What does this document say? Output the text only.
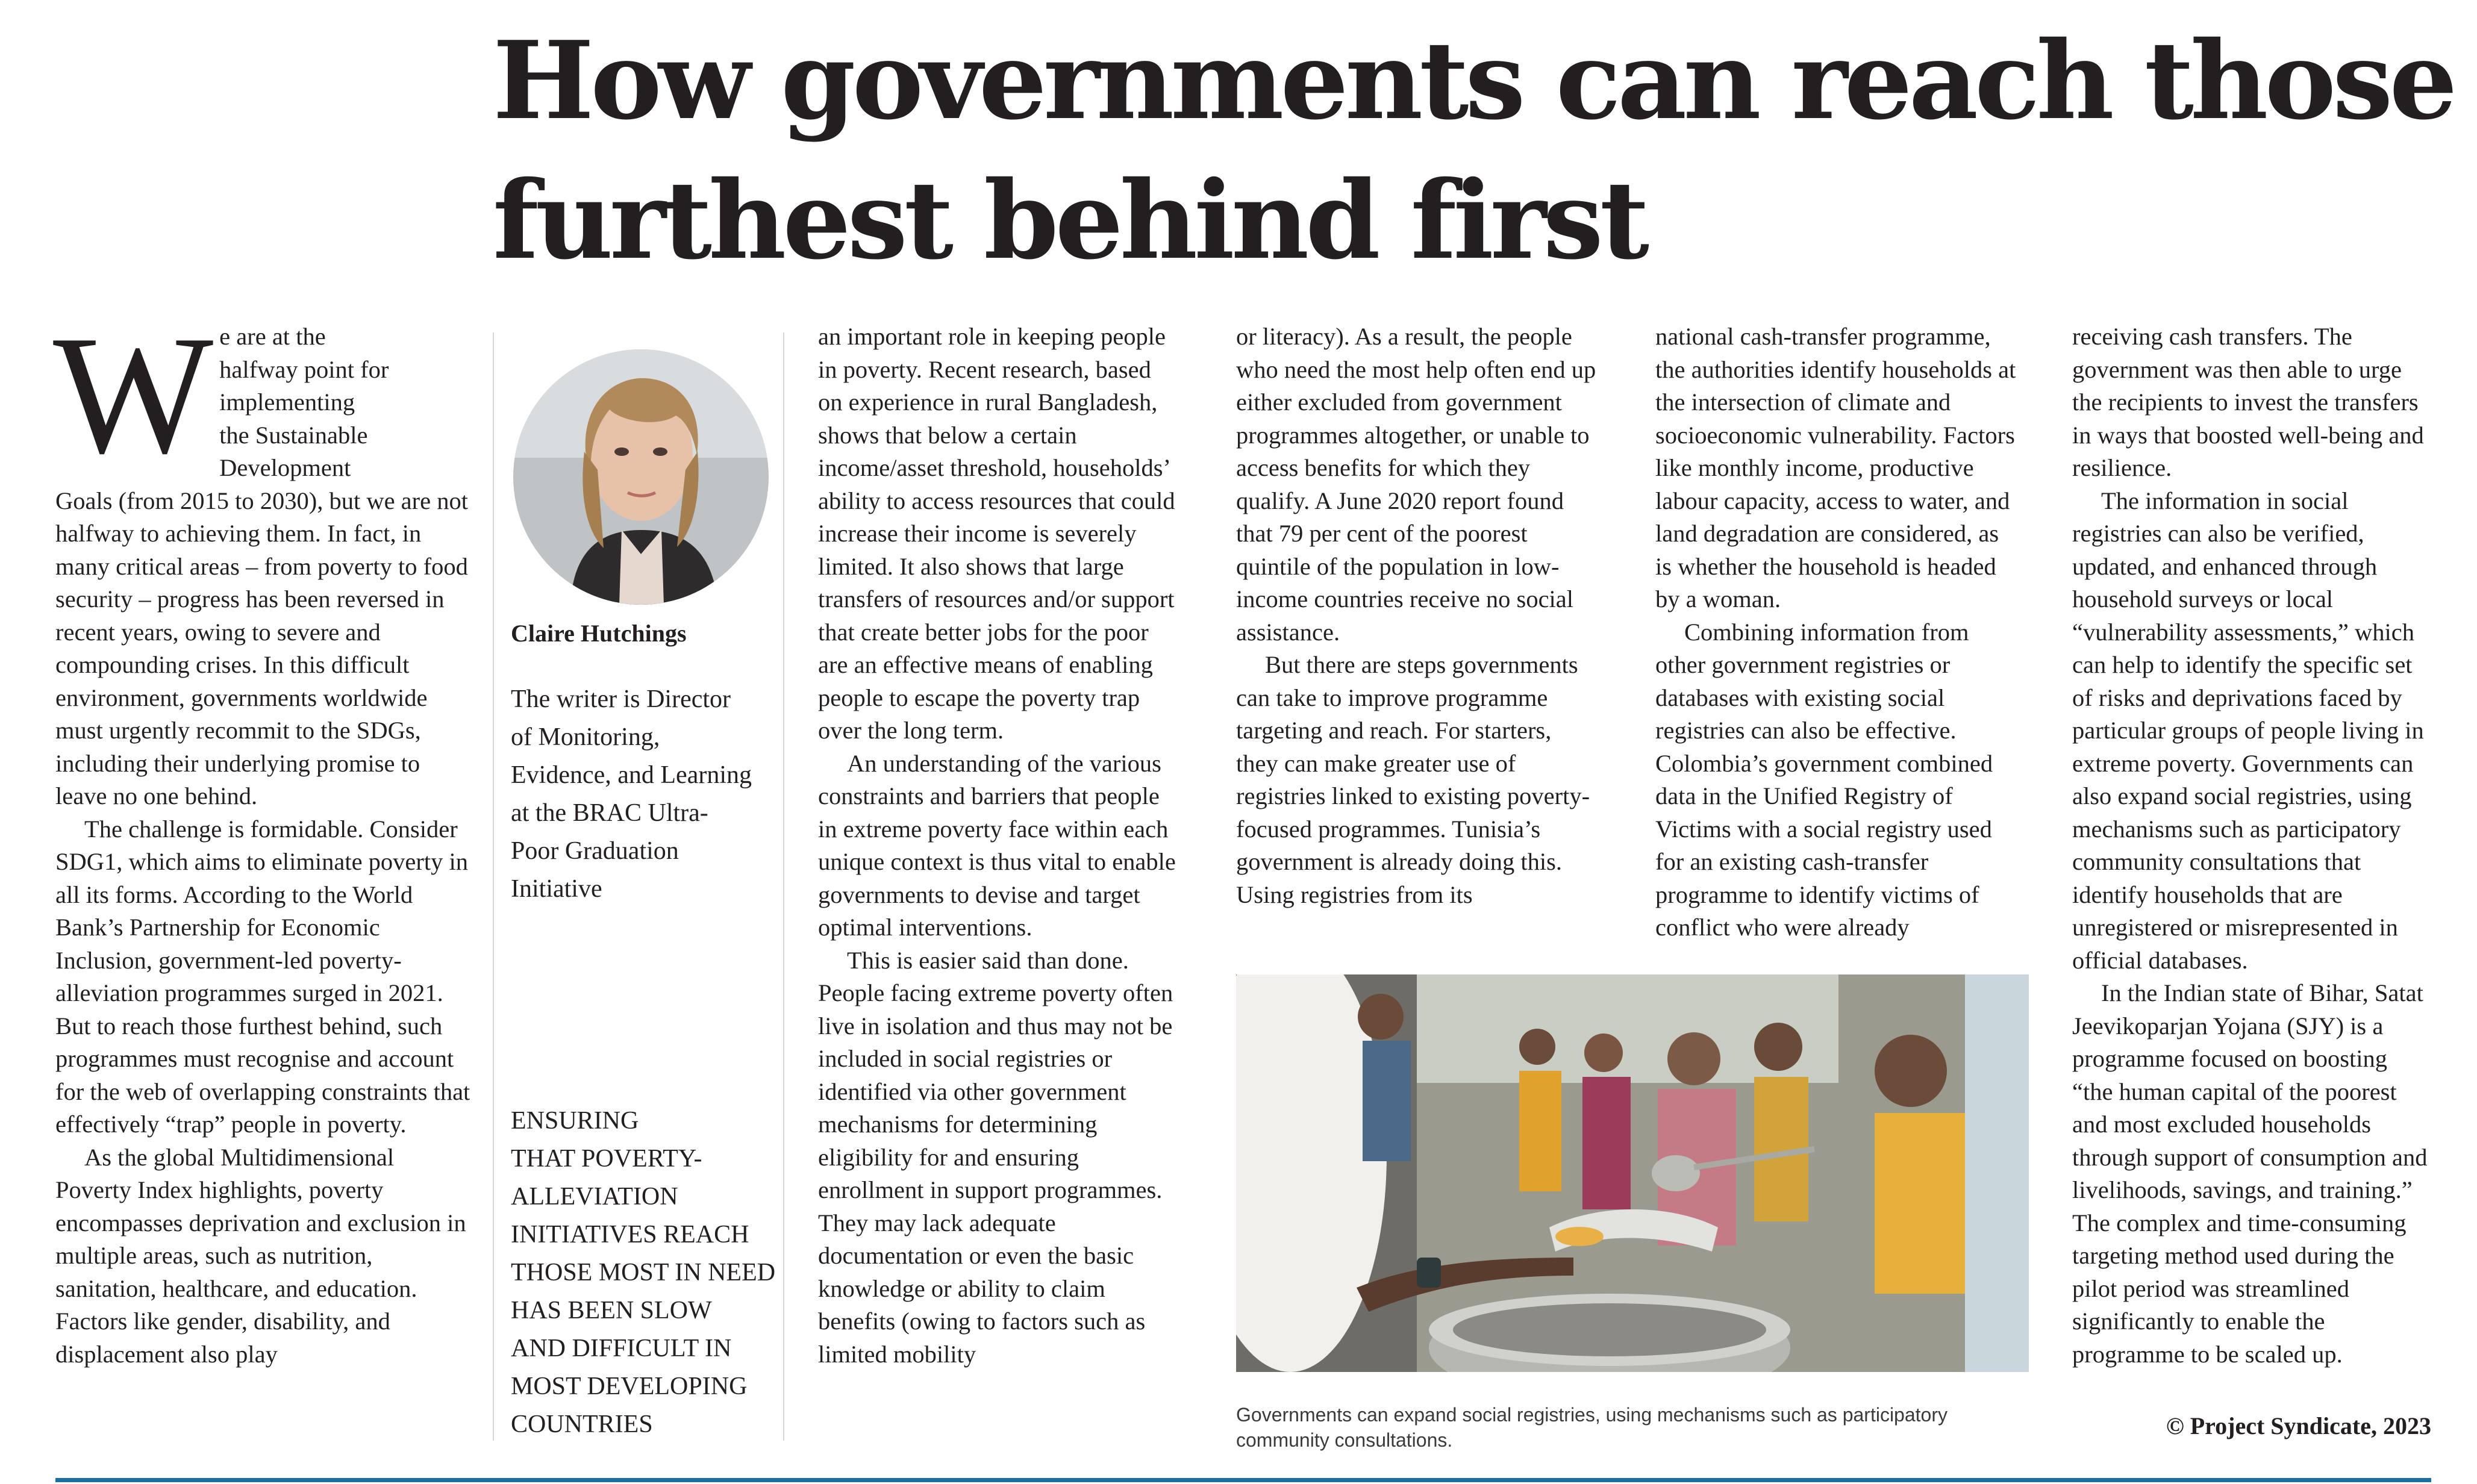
How governments can reach those
furthest behind first
W e are at the
halfway point for
implementing
the Sustainable
Development

Goals (from 2015 to 2030), but we are not halfway to achieving them. In fact, in many critical areas – from poverty to food security – progress has been reversed in recent years, owing to severe and compounding crises. In this difficult environment, governments worldwide must urgently recommit to the SDGs, including their underlying promise to leave no one behind.

The challenge is formidable. Consider SDG1, which aims to eliminate poverty in all its forms. According to the World Bank’s Partnership for Economic Inclusion, government-led poverty-alleviation programmes surged in 2021. But to reach those furthest behind, such programmes must recognise and account for the web of overlapping constraints that effectively “trap” people in poverty.

As the global Multidimensional Poverty Index highlights, poverty encompasses deprivation and exclusion in multiple areas, such as nutrition, sanitation, healthcare, and education. Factors like gender, disability, and displacement also play

Claire Hutchings

The writer is Director
of Monitoring,
Evidence, and Learning
at the BRAC Ultra-
Poor Graduation
Initiative
ENSURING
THAT POVERTY-
ALLEVIATION
INITIATIVES REACH
THOSE MOST IN NEED
HAS BEEN SLOW
AND DIFFICULT IN
MOST DEVELOPING
COUNTRIES

an important role in keeping people in poverty. Recent research, based on experience in rural Bangladesh, shows that below a certain income/asset threshold, households’ ability to access resources that could increase their income is severely limited. It also shows that large transfers of resources and/or support that create better jobs for the poor are an effective means of enabling people to escape the poverty trap over the long term.

An understanding of the various constraints and barriers that people in extreme poverty face within each unique context is thus vital to enable governments to devise and target optimal interventions.

This is easier said than done. People facing extreme poverty often live in isolation and thus may not be included in social registries or identified via other government mechanisms for determining eligibility for and ensuring enrollment in support programmes. They may lack adequate documentation or even the basic knowledge or ability to claim benefits (owing to factors such as limited mobility

or literacy). As a result, the people who need the most help often end up either excluded from government programmes altogether, or unable to access benefits for which they qualify. A June 2020 report found that 79 per cent of the poorest quintile of the population in low-income countries receive no social assistance.

But there are steps governments can take to improve programme targeting and reach. For starters, they can make greater use of registries linked to existing poverty-focused programmes. Tunisia’s government is already doing this. Using registries from its

national cash-transfer programme, the authorities identify households at the intersection of climate and socioeconomic vulnerability. Factors like monthly income, productive labour capacity, access to water, and land degradation are considered, as is whether the household is headed by a woman.

Combining information from other government registries or databases with existing social registries can also be effective. Colombia’s government combined data in the Unified Registry of Victims with a social registry used for an existing cash-transfer programme to identify victims of conflict who were already

receiving cash transfers. The government was then able to urge the recipients to invest the transfers in ways that boosted well-being and resilience.

The information in social registries can also be verified, updated, and enhanced through household surveys or local “vulnerability assessments,” which can help to identify the specific set of risks and deprivations faced by particular groups of people living in extreme poverty. Governments can also expand social registries, using mechanisms such as participatory community consultations that identify households that are unregistered or misrepresented in official databases.

In the Indian state of Bihar, Satat Jeevikoparjan Yojana (SJY) is a programme focused on boosting “the human capital of the poorest and most excluded households through support of consumption and livelihoods, savings, and training.” The complex and time-consuming targeting method used during the pilot period was streamlined significantly to enable the programme to be scaled up.

Governments can expand social registries, using mechanisms such as participatory community consultations.

© Project Syndicate, 2023
